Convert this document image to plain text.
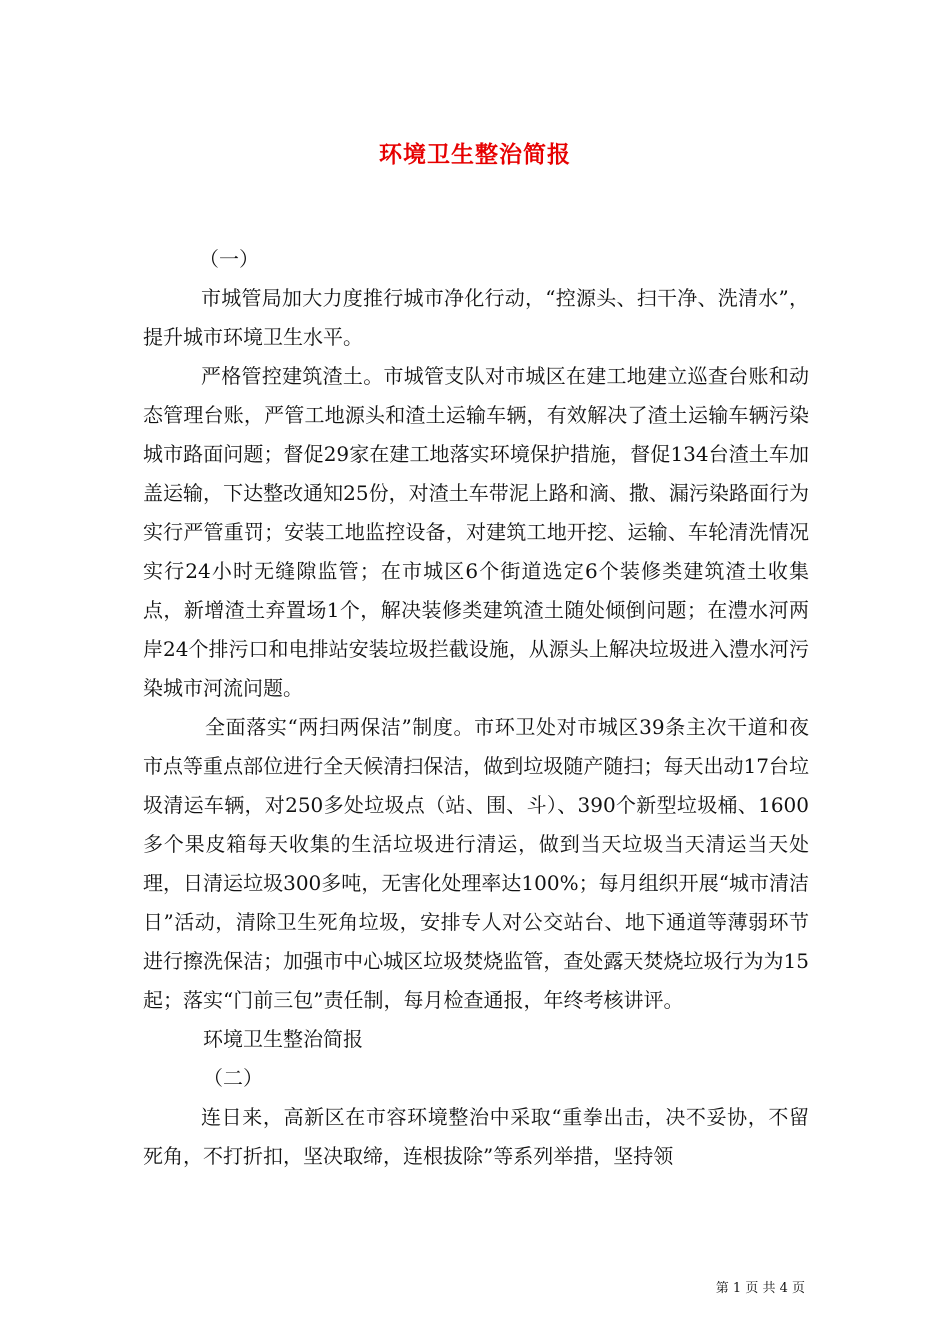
环境卫生整治简报

（一）

市城管局加大力度推行城市净化行动，“控源头、扫干净、洗清水”，提升城市环境卫生水平。

严格管控建筑渣土。市城管支队对市城区在建工地建立巡查台账和动态管理台账，严管工地源头和渣土运输车辆，有效解决了渣土运输车辆污染城市路面问题；督促29家在建工地落实环境保护措施，督促134台渣土车加盖运输，下达整改通知25份，对渣土车带泥上路和滴、撒、漏污染路面行为实行严管重罚；安装工地监控设备，对建筑工地开挖、运输、车轮清洗情况实行24小时无缝隙监管；在市城区6个街道选定6个装修类建筑渣土收集点，新增渣土弃置场1个，解决装修类建筑渣土随处倾倒问题；在澧水河两岸24个排污口和电排站安装垃圾拦截设施，从源头上解决垃圾进入澧水河污染城市河流问题。

全面落实“两扫两保洁”制度。市环卫处对市城区39条主次干道和夜市点等重点部位进行全天候清扫保洁，做到垃圾随产随扫；每天出动17台垃圾清运车辆，对250多处垃圾点（站、围、斗）、390个新型垃圾桶、1600多个果皮箱每天收集的生活垃圾进行清运，做到当天垃圾当天清运当天处理，日清运垃圾300多吨，无害化处理率达100%；每月组织开展“城市清洁日”活动，清除卫生死角垃圾，安排专人对公交站台、地下通道等薄弱环节进行擦洗保洁；加强市中心城区垃圾焚烧监管，查处露天焚烧垃圾行为为15起；落实“门前三包”责任制，每月检查通报，年终考核讲评。

环境卫生整治简报

（二）

连日来，高新区在市容环境整治中采取“重拳出击，决不妥协，不留死角，不打折扣，坚决取缔，连根拔除”等系列举措，坚持领

第 1 页 共 4 页
